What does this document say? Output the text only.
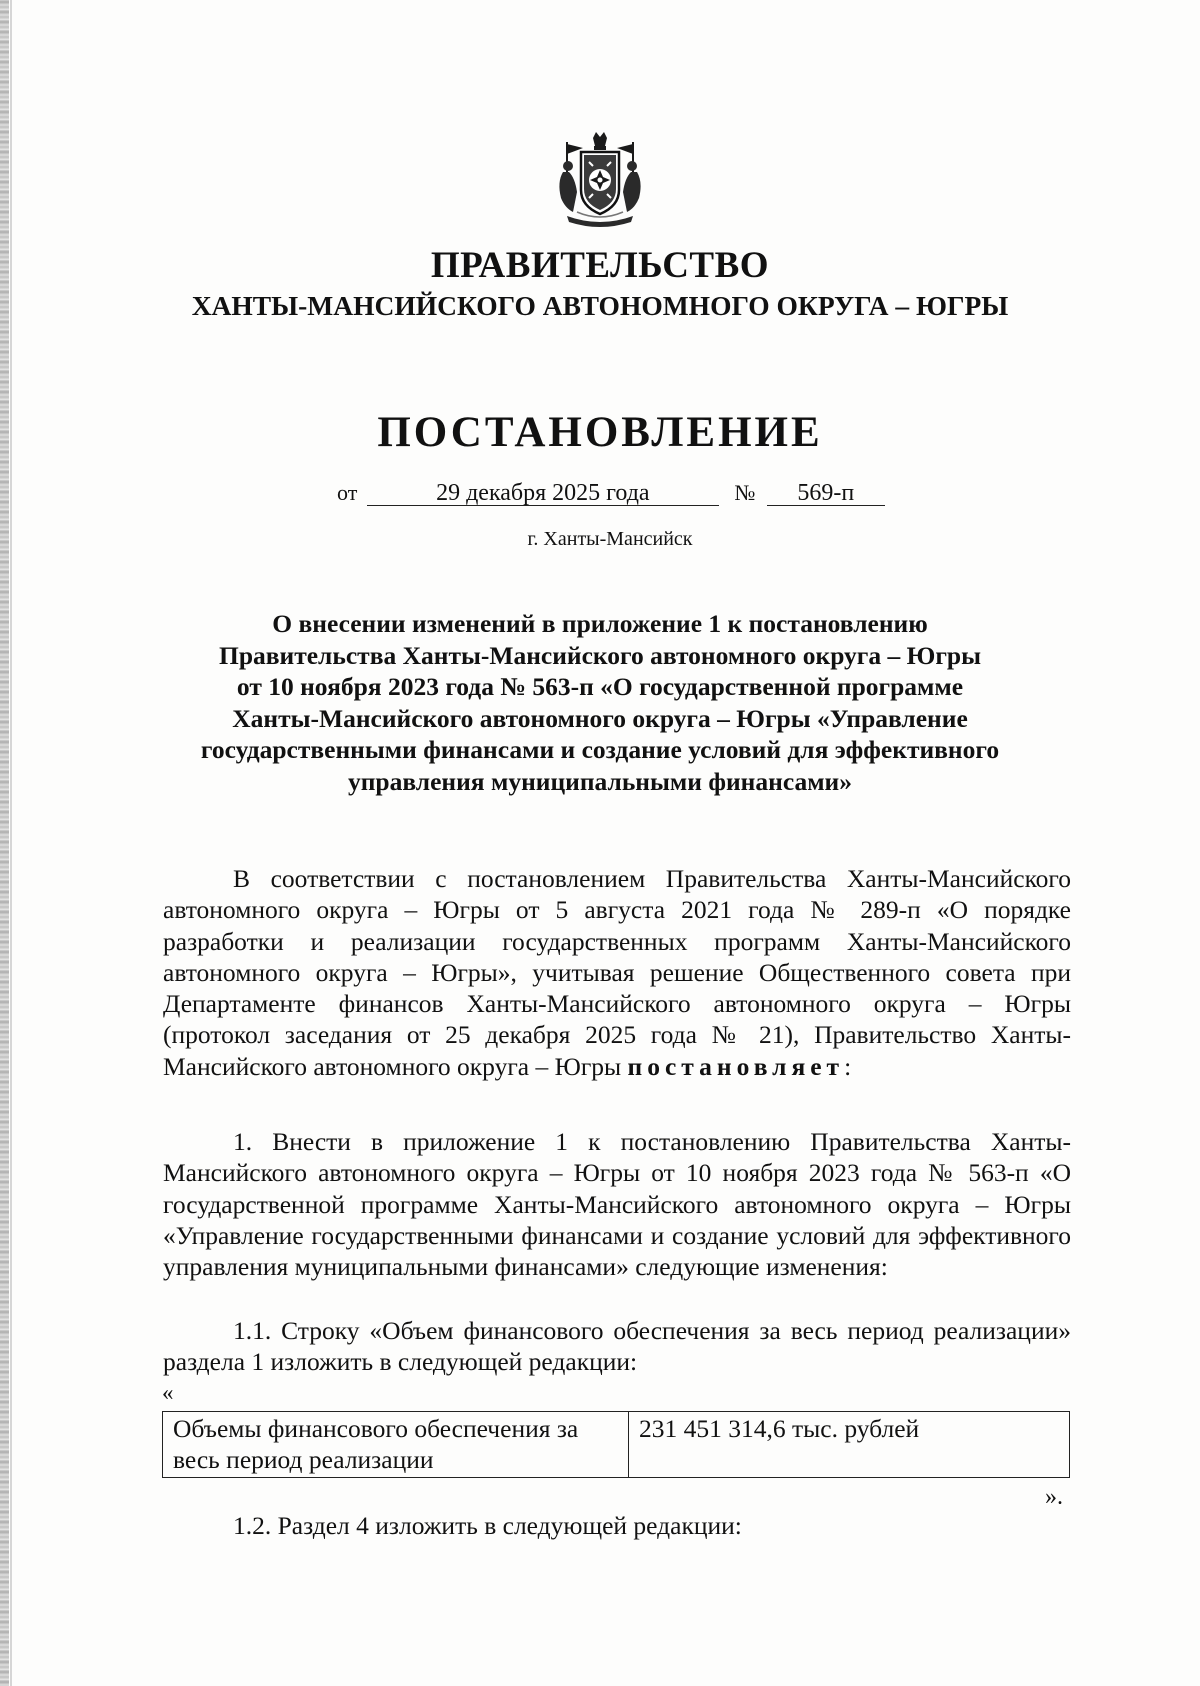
ПРАВИТЕЛЬСТВО
ХАНТЫ-МАНСИЙСКОГО АВТОНОМНОГО ОКРУГА – ЮГРЫ
ПОСТАНОВЛЕНИЕ
от	29 декабря 2025 года	№ 569-п
г. Ханты-Мансийск
О внесении изменений в приложение 1 к постановлению
Правительства Ханты-Мансийского автономного округа – Югры
от 10 ноября 2023 года № 563-п «О государственной программе
Ханты-Мансийского автономного округа – Югры «Управление
государственными финансами и создание условий для эффективного
управления муниципальными финансами»

В соответствии с постановлением Правительства Ханты-Мансийского автономного округа – Югры от 5 августа 2021 года № 289-п «О порядке разработки и реализации государственных программ Ханты-Мансийского автономного округа – Югры», учитывая решение Общественного совета при Департаменте финансов Ханты-Мансийского автономного округа – Югры (протокол заседания от 25 декабря 2025 года № 21), Правительство Ханты-Мансийского автономного округа – Югры постановляет:

1. Внести в приложение 1 к постановлению Правительства Ханты-Мансийского автономного округа – Югры от 10 ноября 2023 года № 563-п «О государственной программе Ханты-Мансийского автономного округа – Югры «Управление государственными финансами и создание условий для эффективного управления муниципальными финансами» следующие изменения:

1.1. Строку «Объем финансового обеспечения за весь период реализации» раздела 1 изложить в следующей редакции:

«
Объемы финансового обеспечения за весь период реализации	231 451 314,6 тыс. рублей
».
1.2. Раздел 4 изложить в следующей редакции:
